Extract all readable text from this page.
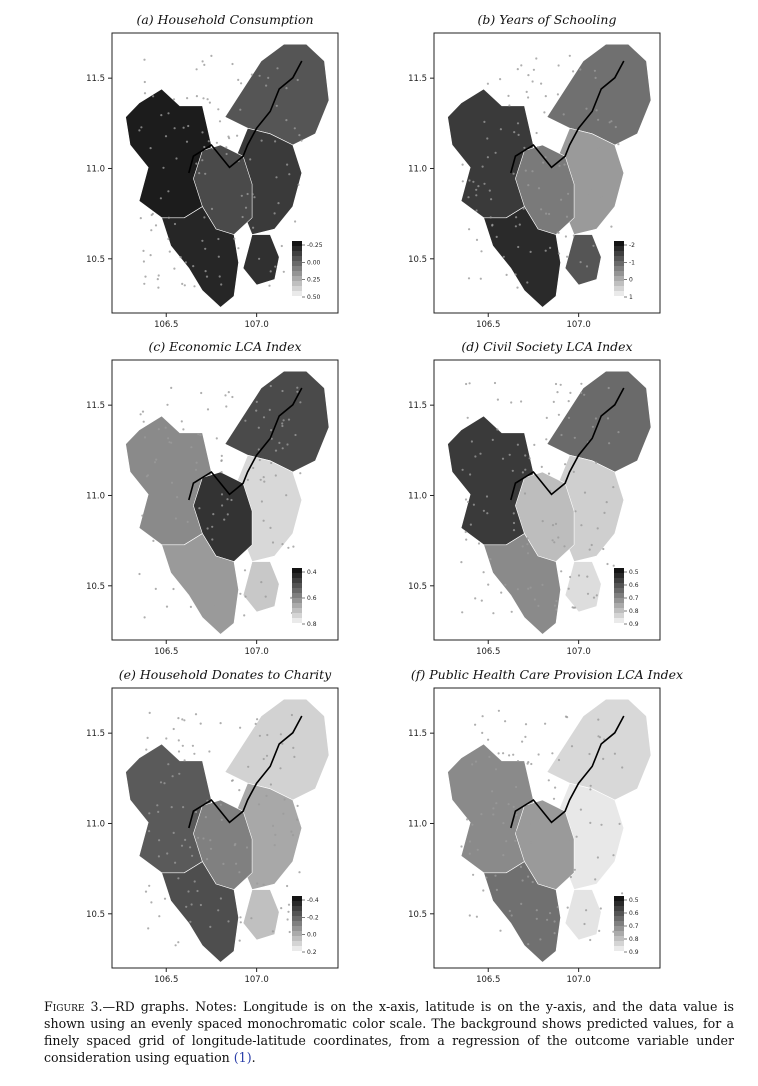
(a) Household Consumption
10.5
11.0
11.5
106.5	107.0
-0.25
0.00
0.25
0.50
(b) Years of Schooling
10.5
11.0
11.5
106.5	107.0
-2
-1
0
1
(c) Economic LCA Index
10.5
11.0
11.5
106.5	107.0
0.4
0.6
0.8
(d) Civil Society LCA Index
10.5
11.0
11.5
106.5	107.0
0.5
0.6
0.7
0.8
0.9
(e) Household Donates to Charity
10.5
11.0
11.5
106.5	107.0
-0.4
-0.2
0.0
0.2
(f) Public Health Care Provision LCA Index
10.5
11.0
11.5
106.5	107.0
0.5
0.6
0.7
0.8
0.9

Figure 3.—RD graphs. Notes: Longitude is on the x-axis, latitude is on the y-axis, and the data value is shown using an evenly spaced monochromatic color scale. The background shows predicted values, for a finely spaced grid of longitude-latitude coordinates, from a regression of the outcome variable under consideration using equation (1).
